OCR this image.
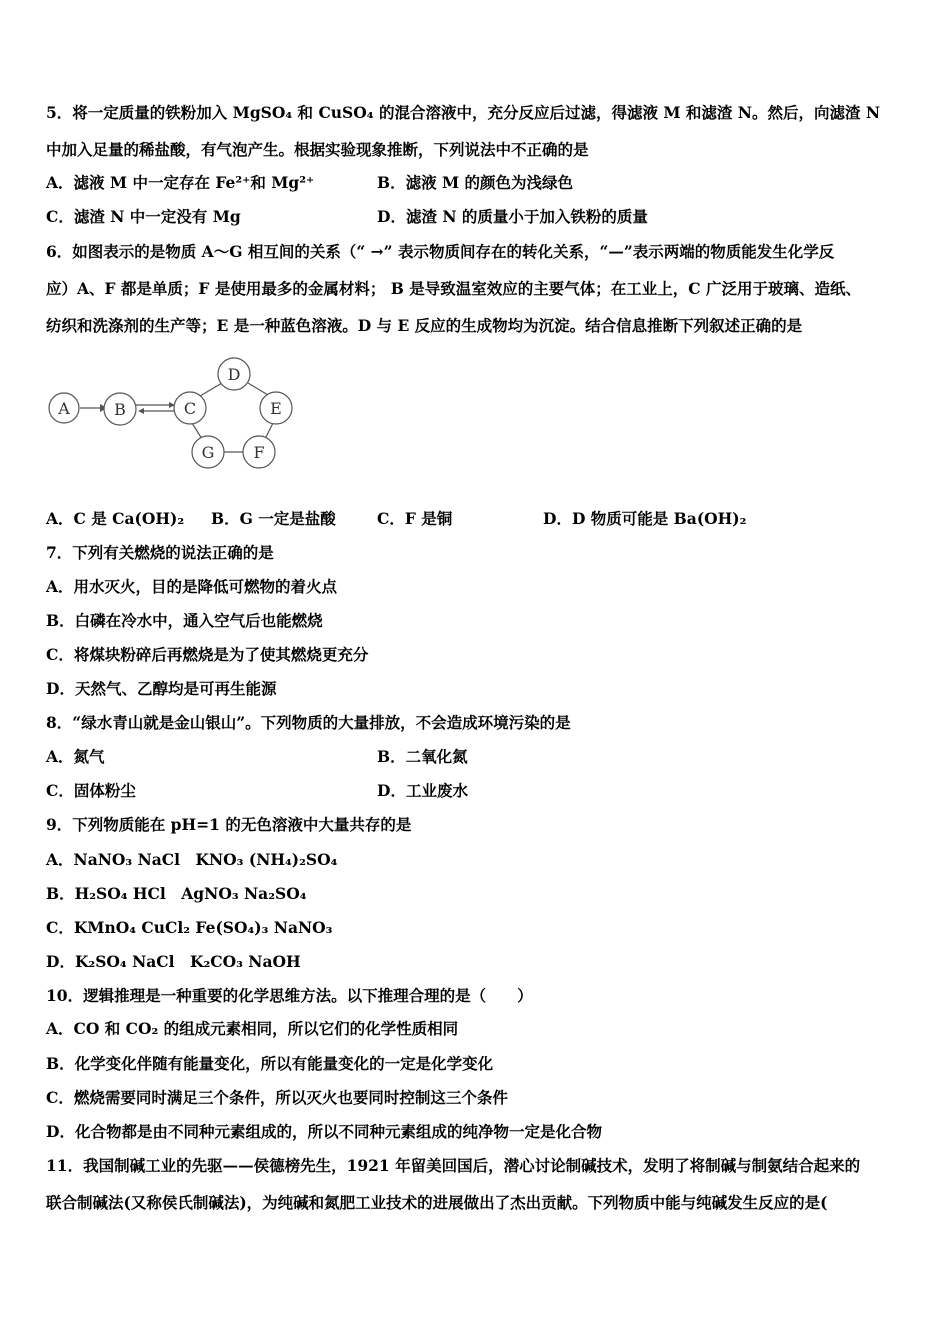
5．将一定质量的铁粉加入 MgSO₄ 和 CuSO₄ 的混合溶液中，充分反应后过滤，得滤液 M 和滤渣 N。然后，向滤渣 N
中加入足量的稀盐酸，有气泡产生。根据实验现象推断，下列说法中不正确的是
A．滤液 M 中一定存在 Fe²⁺和 Mg²⁺	B．滤液 M 的颜色为浅绿色
C．滤渣 N 中一定没有 Mg	D．滤渣 N 的质量小于加入铁粉的质量
6．如图表示的是物质 A～G 相互间的关系（“ →” 表示物质间存在的转化关系，“—”表示两端的物质能发生化学反
应）A、F 都是单质；F 是使用最多的金属材料； B 是导致温室效应的主要气体；在工业上，C 广泛用于玻璃、造纸、
纺织和洗涤剂的生产等；E 是一种蓝色溶液。D 与 E 反应的生成物均为沉淀。结合信息推断下列叙述正确的是
A	B	C
D
E
F
G
A．C 是 Ca(OH)₂ B．G 一定是盐酸	C．F 是铜	D．D 物质可能是 Ba(OH)₂
7．下列有关燃烧的说法正确的是
A．用水灭火，目的是降低可燃物的着火点
B．白磷在冷水中，通入空气后也能燃烧
C．将煤块粉碎后再燃烧是为了使其燃烧更充分
D．天然气、乙醇均是可再生能源
8．“绿水青山就是金山银山”。下列物质的大量排放，不会造成环境污染的是
A．氮气	B．二氧化氮
C．固体粉尘	D．工业废水
9．下列物质能在 pH=1 的无色溶液中大量共存的是
A．NaNO₃ NaCl　KNO₃ (NH₄)₂SO₄
B．H₂SO₄ HCl　AgNO₃ Na₂SO₄
C．KMnO₄ CuCl₂ Fe(SO₄)₃ NaNO₃
D．K₂SO₄ NaCl　K₂CO₃ NaOH
10．逻辑推理是一种重要的化学思维方法。以下推理合理的是（　　）
A．CO 和 CO₂ 的组成元素相同，所以它们的化学性质相同
B．化学变化伴随有能量变化，所以有能量变化的一定是化学变化
C．燃烧需要同时满足三个条件，所以灭火也要同时控制这三个条件
D．化合物都是由不同种元素组成的，所以不同种元素组成的纯净物一定是化合物
11．我国制碱工业的先驱——侯德榜先生，1921 年留美回国后，潜心讨论制碱技术，发明了将制碱与制氨结合起来的
联合制碱法(又称侯氏制碱法)，为纯碱和氮肥工业技术的进展做出了杰出贡献。下列物质中能与纯碱发生反应的是(
